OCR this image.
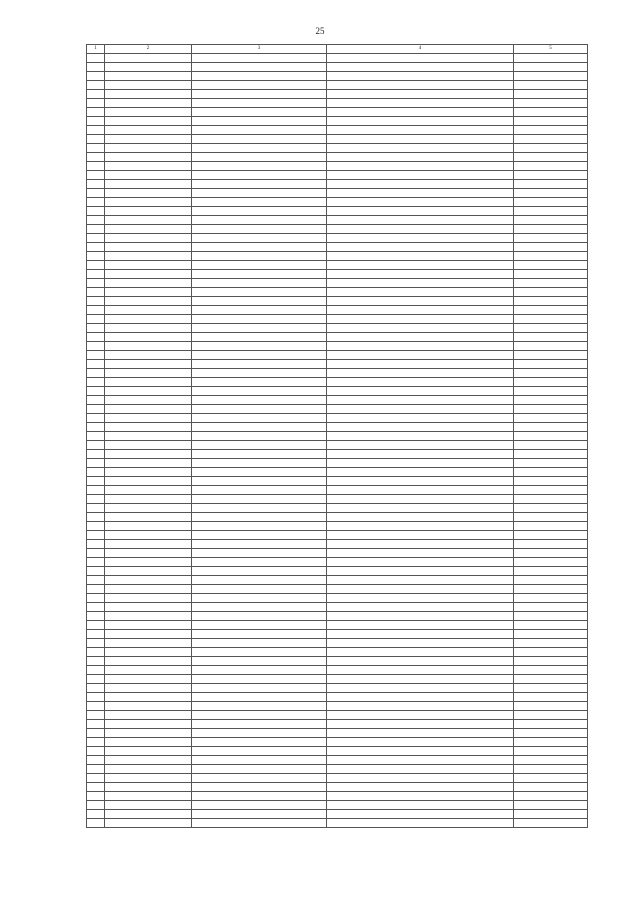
25
1	2	3	4	5
